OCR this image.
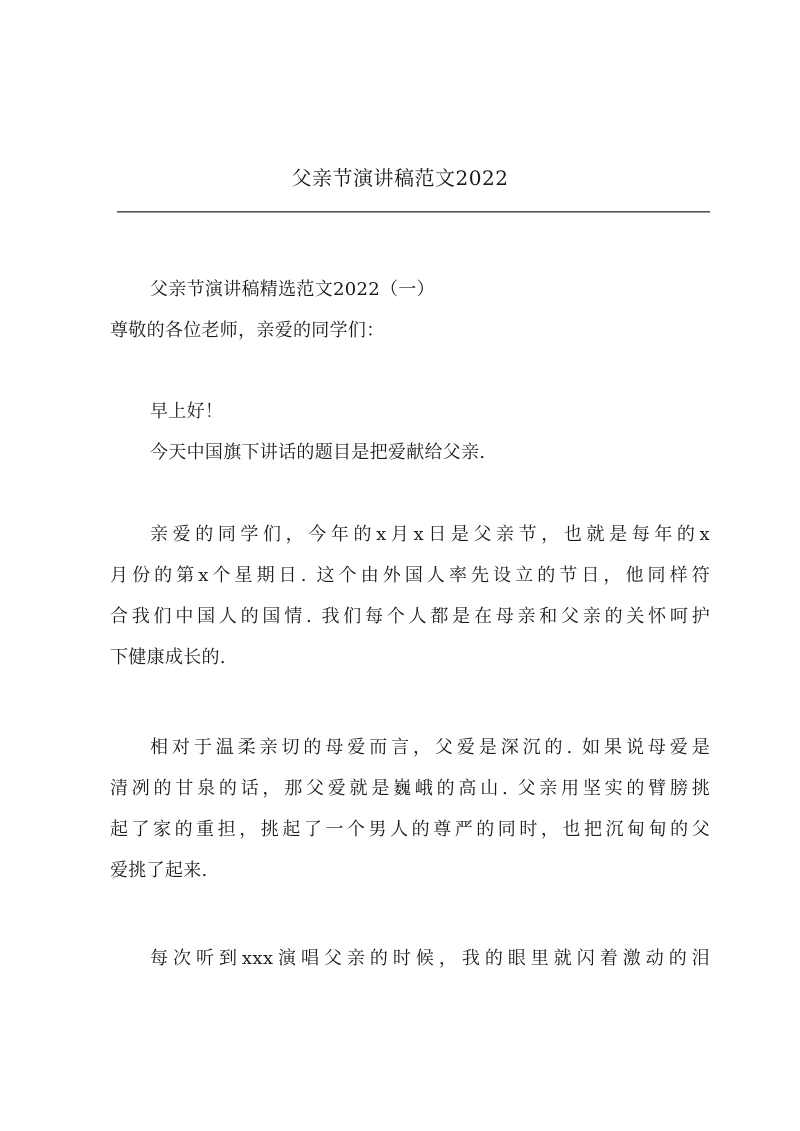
父亲节演讲稿范文2022
父亲节演讲稿精选范文2022（一）
尊敬的各位老师，亲爱的同学们：
早上好！
今天中国旗下讲话的题目是把爱献给父亲.
亲爱的同学们，今年的x月x日是父亲节，也就是每年的x
月份的第x个星期日. 这个由外国人率先设立的节日，他同样符
合我们中国人的国情. 我们每个人都是在母亲和父亲的关怀呵护
下健康成长的.
相对于温柔亲切的母爱而言，父爱是深沉的. 如果说母爱是
清冽的甘泉的话，那父爱就是巍峨的高山. 父亲用坚实的臂膀挑
起了家的重担，挑起了一个男人的尊严的同时，也把沉甸甸的父
爱挑了起来.
每次听到xxx演唱父亲的时候，我的眼里就闪着激动的泪
